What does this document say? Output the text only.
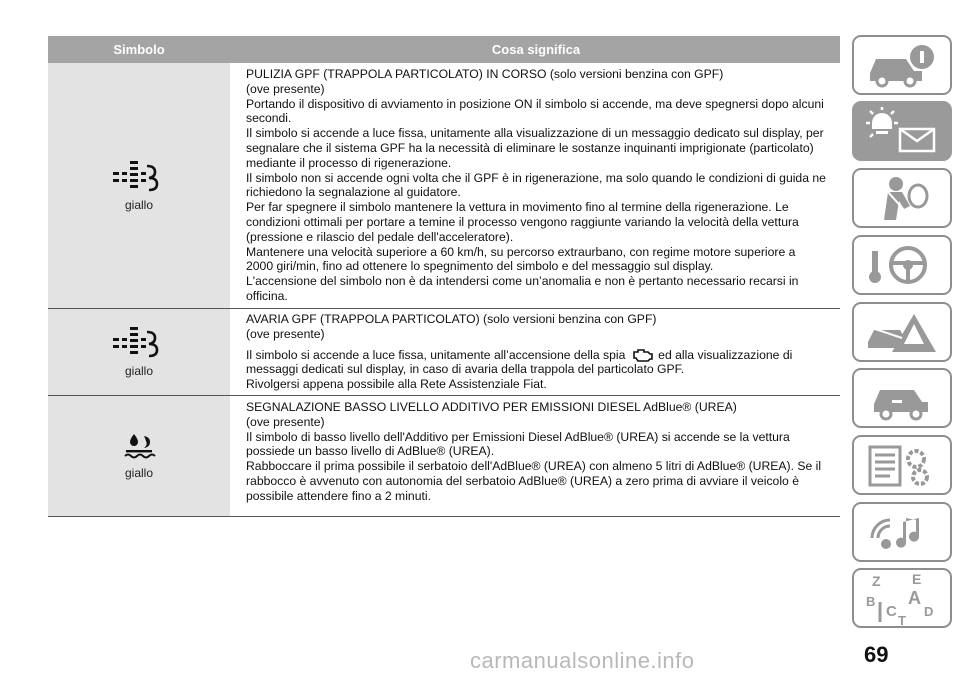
Simbolo	Cosa significa
giallo

PULIZIA GPF (TRAPPOLA PARTICOLATO) IN CORSO (solo versioni benzina con GPF)

(ove presente)

Portando il dispositivo di avviamento in posizione ON il simbolo si accende, ma deve spegnersi dopo alcuni

secondi.

Il simbolo si accende a luce fissa, unitamente alla visualizzazione di un messaggio dedicato sul display, per

segnalare che il sistema GPF ha la necessità di eliminare le sostanze inquinanti imprigionate (particolato)

mediante il processo di rigenerazione.

Il simbolo non si accende ogni volta che il GPF è in rigenerazione, ma solo quando le condizioni di guida ne

richiedono la segnalazione al guidatore.

Per far spegnere il simbolo mantenere la vettura in movimento fino al termine della rigenerazione. Le

condizioni ottimali per portare a temine il processo vengono raggiunte variando la velocità della vettura

(pressione e rilascio del pedale dell'acceleratore).

Mantenere una velocità superiore a 60 km/h, su percorso extraurbano, con regime motore superiore a

2000 giri/min, fino ad ottenere lo spegnimento del simbolo e del messaggio sul display.

L'accensione del simbolo non è da intendersi come un’anomalia e non è pertanto necessario recarsi in

officina.

giallo

AVARIA GPF (TRAPPOLA PARTICOLATO) (solo versioni benzina con GPF)

(ove presente)

Il simbolo si accende a luce fissa, unitamente all’accensione della spia	ed alla visualizzazione di

messaggi dedicati sul display, in caso di avaria della trappola del particolato GPF.

Rivolgersi appena possibile alla Rete Assistenziale Fiat.

giallo

SEGNALAZIONE BASSO LIVELLO ADDITIVO PER EMISSIONI DIESEL AdBlue® (UREA)

(ove presente)

Il simbolo di basso livello dell'Additivo per Emissioni Diesel AdBlue® (UREA) si accende se la vettura

possiede un basso livello di AdBlue® (UREA).

Rabboccare il prima possibile il serbatoio dell'AdBlue® (UREA) con almeno 5 litri di AdBlue® (UREA). Se il

rabbocco è avvenuto con autonomia del serbatoio AdBlue® (UREA) a zero prima di avviare il veicolo è

possibile attendere fino a 2 minuti.

Z E
B A
C D
T
69
carmanualsonline.info
